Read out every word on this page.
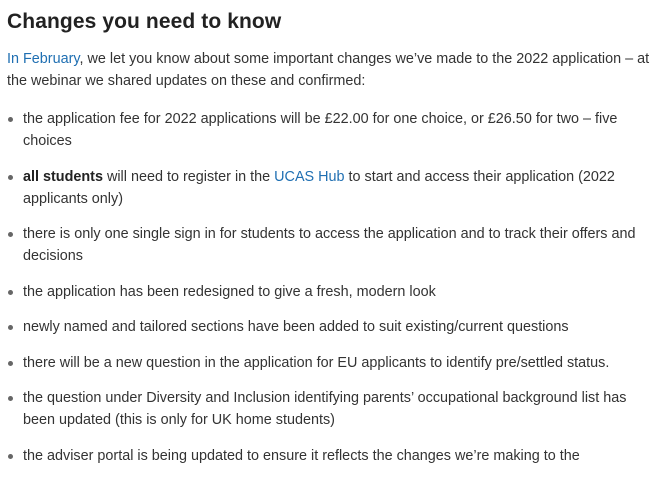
Changes you need to know

In February, we let you know about some important changes we’ve made to the 2022 application – at the webinar we shared updates on these and confirmed:

the application fee for 2022 applications will be £22.00 for one choice, or £26.50 for two – five choices
all students will need to register in the UCAS Hub to start and access their application (2022 applicants only)
there is only one single sign in for students to access the application and to track their offers and decisions
the application has been redesigned to give a fresh, modern look
newly named and tailored sections have been added to suit existing/current questions
there will be a new question in the application for EU applicants to identify pre/settled status.
the question under Diversity and Inclusion identifying parents’ occupational background list has been updated (this is only for UK home students)
the adviser portal is being updated to ensure it reflects the changes we’re making to the
